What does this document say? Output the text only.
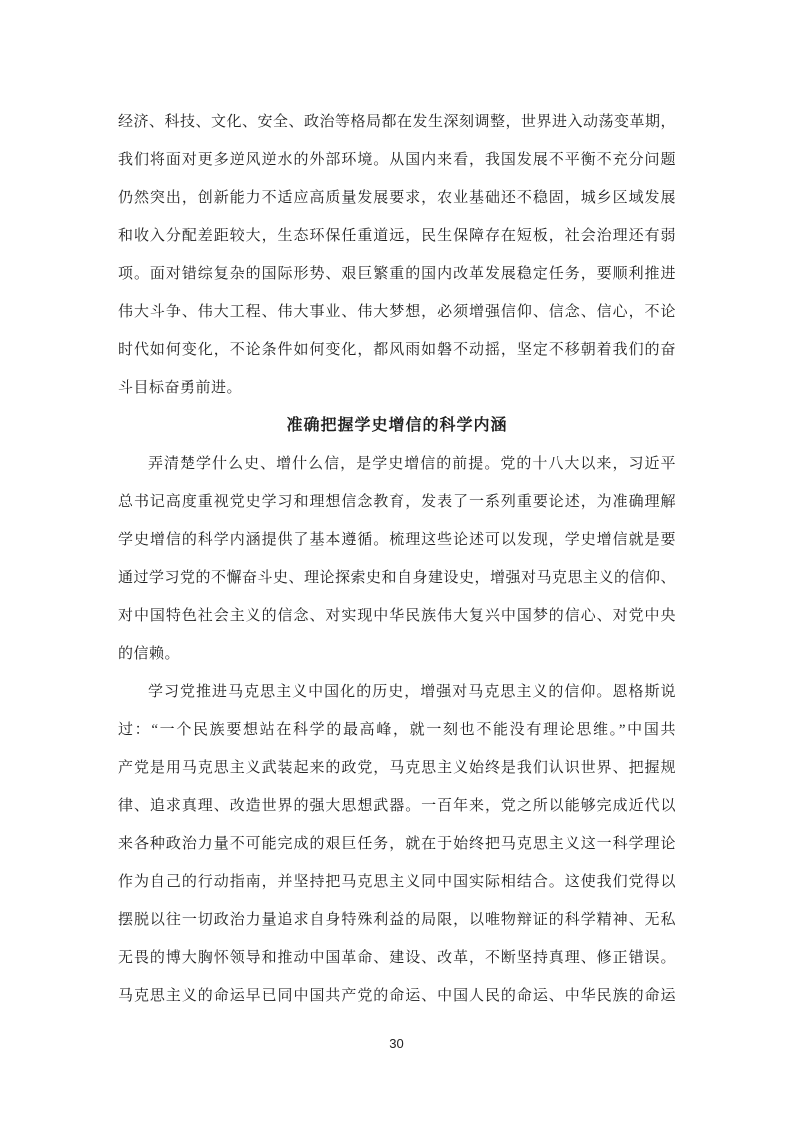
经济、科技、文化、安全、政治等格局都在发生深刻调整，世界进入动荡变革期，
我们将面对更多逆风逆水的外部环境。从国内来看，我国发展不平衡不充分问题
仍然突出，创新能力不适应高质量发展要求，农业基础还不稳固，城乡区域发展
和收入分配差距较大，生态环保任重道远，民生保障存在短板，社会治理还有弱
项。面对错综复杂的国际形势、艰巨繁重的国内改革发展稳定任务，要顺利推进
伟大斗争、伟大工程、伟大事业、伟大梦想，必须增强信仰、信念、信心，不论
时代如何变化，不论条件如何变化，都风雨如磐不动摇，坚定不移朝着我们的奋
斗目标奋勇前进。
准确把握学史增信的科学内涵
弄清楚学什么史、增什么信，是学史增信的前提。党的十八大以来，习近平
总书记高度重视党史学习和理想信念教育，发表了一系列重要论述，为准确理解
学史增信的科学内涵提供了基本遵循。梳理这些论述可以发现，学史增信就是要
通过学习党的不懈奋斗史、理论探索史和自身建设史，增强对马克思主义的信仰、
对中国特色社会主义的信念、对实现中华民族伟大复兴中国梦的信心、对党中央
的信赖。
学习党推进马克思主义中国化的历史，增强对马克思主义的信仰。恩格斯说
过：“一个民族要想站在科学的最高峰，就一刻也不能没有理论思维。”中国共
产党是用马克思主义武装起来的政党，马克思主义始终是我们认识世界、把握规
律、追求真理、改造世界的强大思想武器。一百年来，党之所以能够完成近代以
来各种政治力量不可能完成的艰巨任务，就在于始终把马克思主义这一科学理论
作为自己的行动指南，并坚持把马克思主义同中国实际相结合。这使我们党得以
摆脱以往一切政治力量追求自身特殊利益的局限，以唯物辩证的科学精神、无私
无畏的博大胸怀领导和推动中国革命、建设、改革，不断坚持真理、修正错误。
马克思主义的命运早已同中国共产党的命运、中国人民的命运、中华民族的命运
30
